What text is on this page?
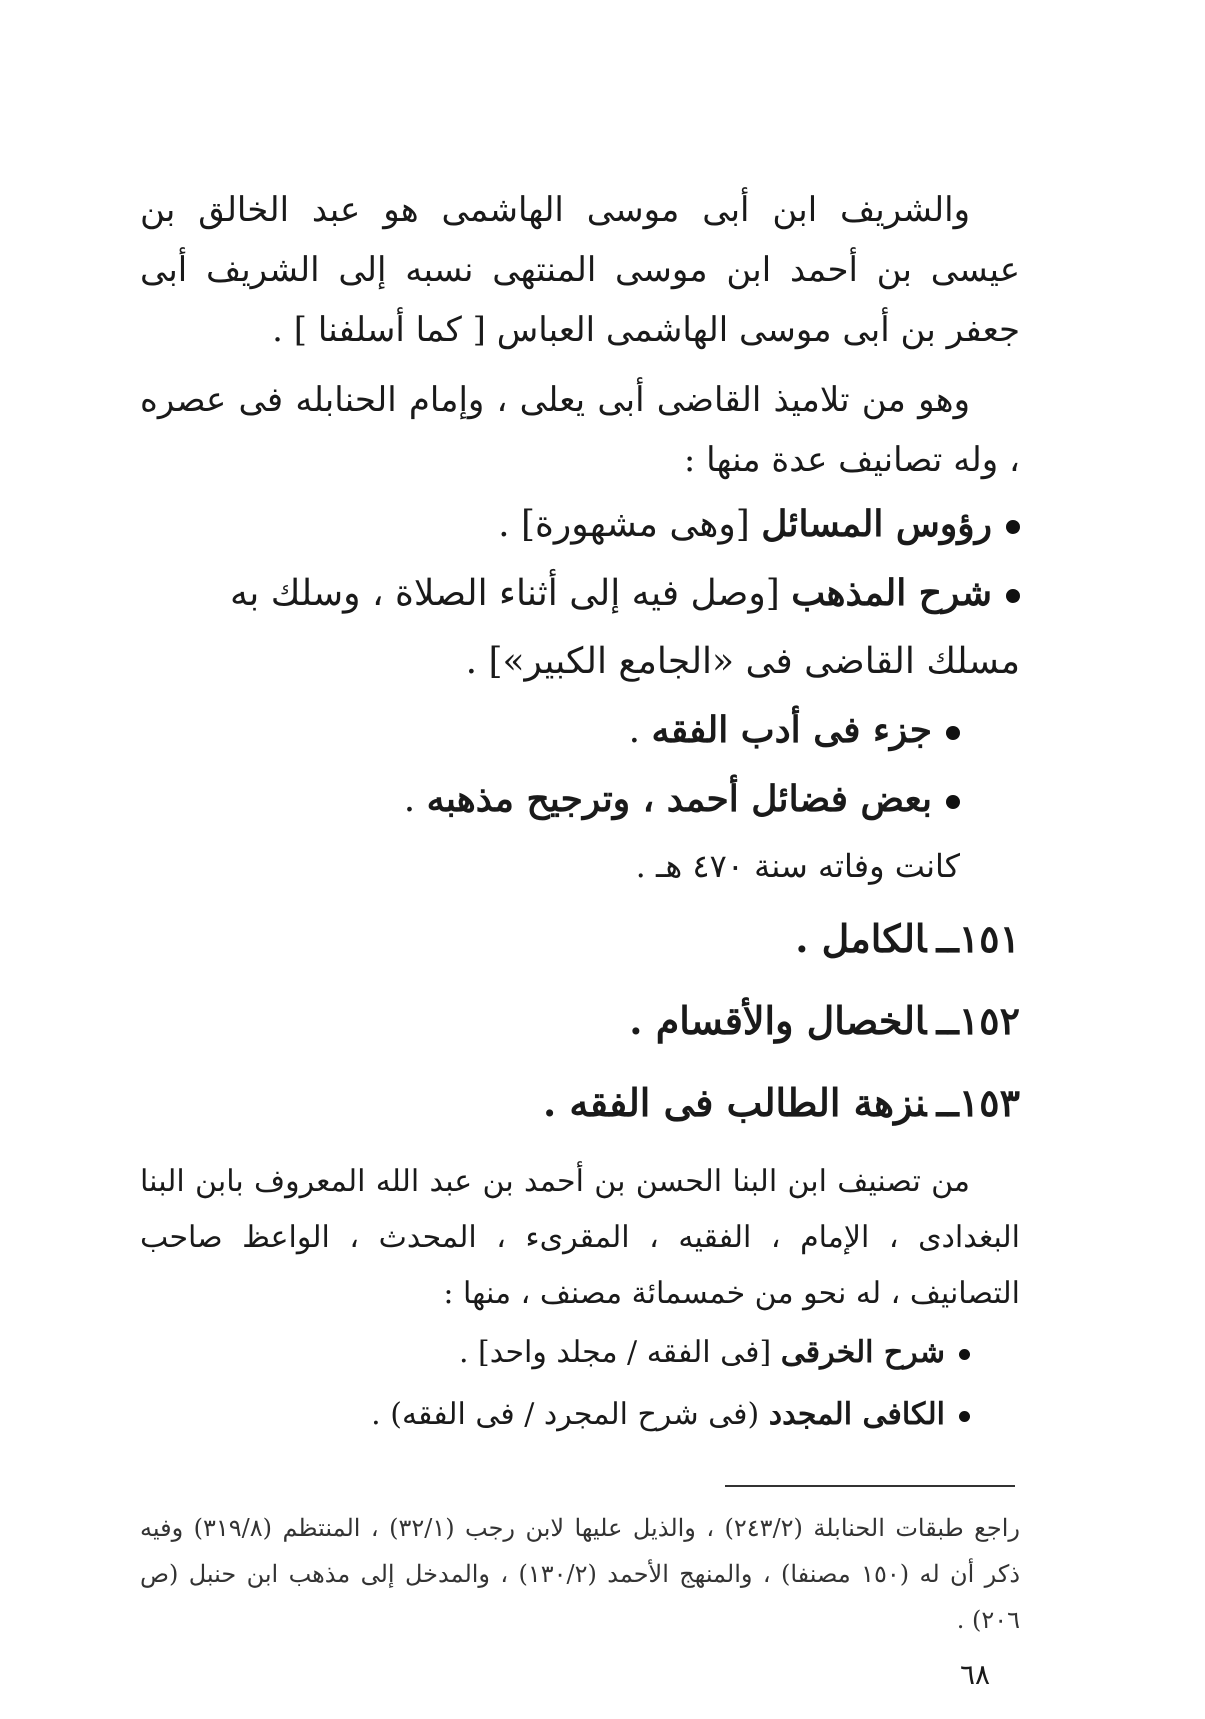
والشريف ابن أبى موسى الهاشمى هو عبد الخالق بن عيسى بن أحمد ابن موسى المنتهى نسبه إلى الشريف أبى جعفر بن أبى موسى الهاشمى العباس [ كما أسلفنا ] .

وهو من تلاميذ القاضى أبى يعلى ، وإمام الحنابله فى عصره ، وله تصانيف عدة منها :

رؤوس المسائل [وهى مشهورة] .
شرح المذهب [وصل فيه إلى أثناء الصلاة ، وسلك به مسلك القاضى فى «الجامع الكبير»] .
جزء فى أدب الفقه .
بعض فضائل أحمد ، وترجيح مذهبه .

كانت وفاته سنة ٤٧٠ هـ .

١٥١ــالكامل .

١٥٢ــالخصال والأقسام .

١٥٣ــنزهة الطالب فى الفقه .

من تصنيف ابن البنا الحسن بن أحمد بن عبد الله المعروف بابن البنا البغدادى ، الإمام ، الفقيه ، المقرىء ، المحدث ، الواعظ صاحب التصانيف ، له نحو من خمسمائة مصنف ، منها :

شرح الخرقى [فى الفقه / مجلد واحد] .
الكافى المجدد (فى شرح المجرد / فى الفقه) .

راجع طبقات الحنابلة (٢٤٣/٢) ، والذيل عليها لابن رجب (٣٢/١) ، المنتظم (٣١٩/٨) وفيه ذكر أن له (١٥٠ مصنفا) ، والمنهج الأحمد (١٣٠/٢) ، والمدخل إلى مذهب ابن حنبل (ص ٢٠٦) .

٦٨
